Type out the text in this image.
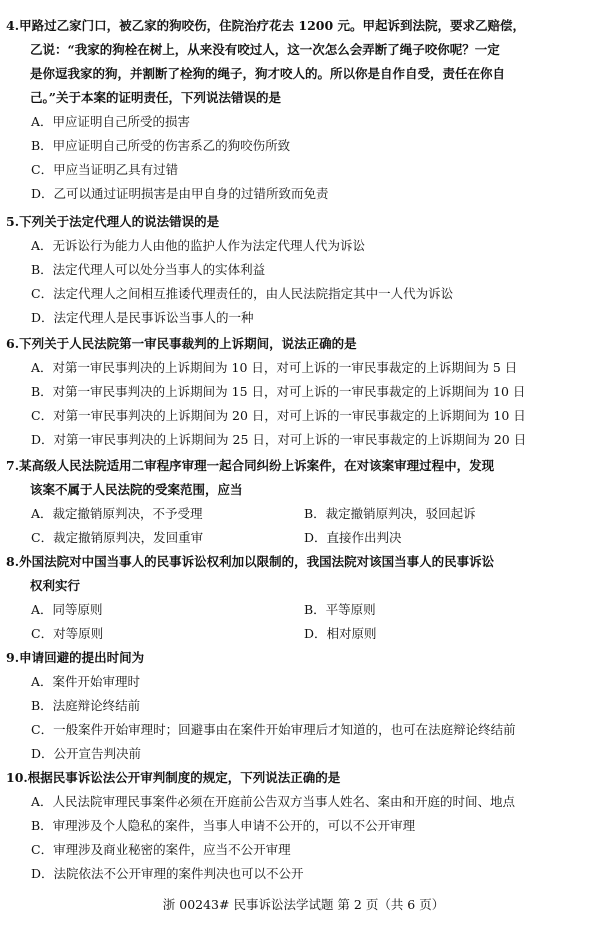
4.甲路过乙家门口，被乙家的狗咬伤，住院治疗花去 1200 元。甲起诉到法院，要求乙赔偿，
乙说：“我家的狗栓在树上，从来没有咬过人，这一次怎么会弄断了绳子咬你呢？一定
是你逗我家的狗，并割断了栓狗的绳子，狗才咬人的。所以你是自作自受，责任在你自
己。”关于本案的证明责任，下列说法错误的是
A．甲应证明自己所受的损害
B．甲应证明自己所受的伤害系乙的狗咬伤所致
C．甲应当证明乙具有过错
D．乙可以通过证明损害是由甲自身的过错所致而免责
5.下列关于法定代理人的说法错误的是
A．无诉讼行为能力人由他的监护人作为法定代理人代为诉讼
B．法定代理人可以处分当事人的实体利益
C．法定代理人之间相互推诿代理责任的，由人民法院指定其中一人代为诉讼
D．法定代理人是民事诉讼当事人的一种
6.下列关于人民法院第一审民事裁判的上诉期间，说法正确的是
A．对第一审民事判决的上诉期间为 10 日，对可上诉的一审民事裁定的上诉期间为 5 日
B．对第一审民事判决的上诉期间为 15 日，对可上诉的一审民事裁定的上诉期间为 10 日
C．对第一审民事判决的上诉期间为 20 日，对可上诉的一审民事裁定的上诉期间为 10 日
D．对第一审民事判决的上诉期间为 25 日，对可上诉的一审民事裁定的上诉期间为 20 日
7.某高级人民法院适用二审程序审理一起合同纠纷上诉案件，在对该案审理过程中，发现
该案不属于人民法院的受案范围，应当
A．裁定撤销原判决，不予受理	B．裁定撤销原判决，驳回起诉
C．裁定撤销原判决，发回重审	D．直接作出判决
8.外国法院对中国当事人的民事诉讼权利加以限制的，我国法院对该国当事人的民事诉讼
权利实行
A．同等原则	B．平等原则
C．对等原则	D．相对原则
9.申请回避的提出时间为
A．案件开始审理时
B．法庭辩论终结前
C．一般案件开始审理时；回避事由在案件开始审理后才知道的，也可在法庭辩论终结前
D．公开宣告判决前
10.根据民事诉讼法公开审判制度的规定，下列说法正确的是
A．人民法院审理民事案件必须在开庭前公告双方当事人姓名、案由和开庭的时间、地点
B．审理涉及个人隐私的案件，当事人申请不公开的，可以不公开审理
C．审理涉及商业秘密的案件，应当不公开审理
D．法院依法不公开审理的案件判决也可以不公开
浙 00243# 民事诉讼法学试题 第 2 页（共 6 页）
